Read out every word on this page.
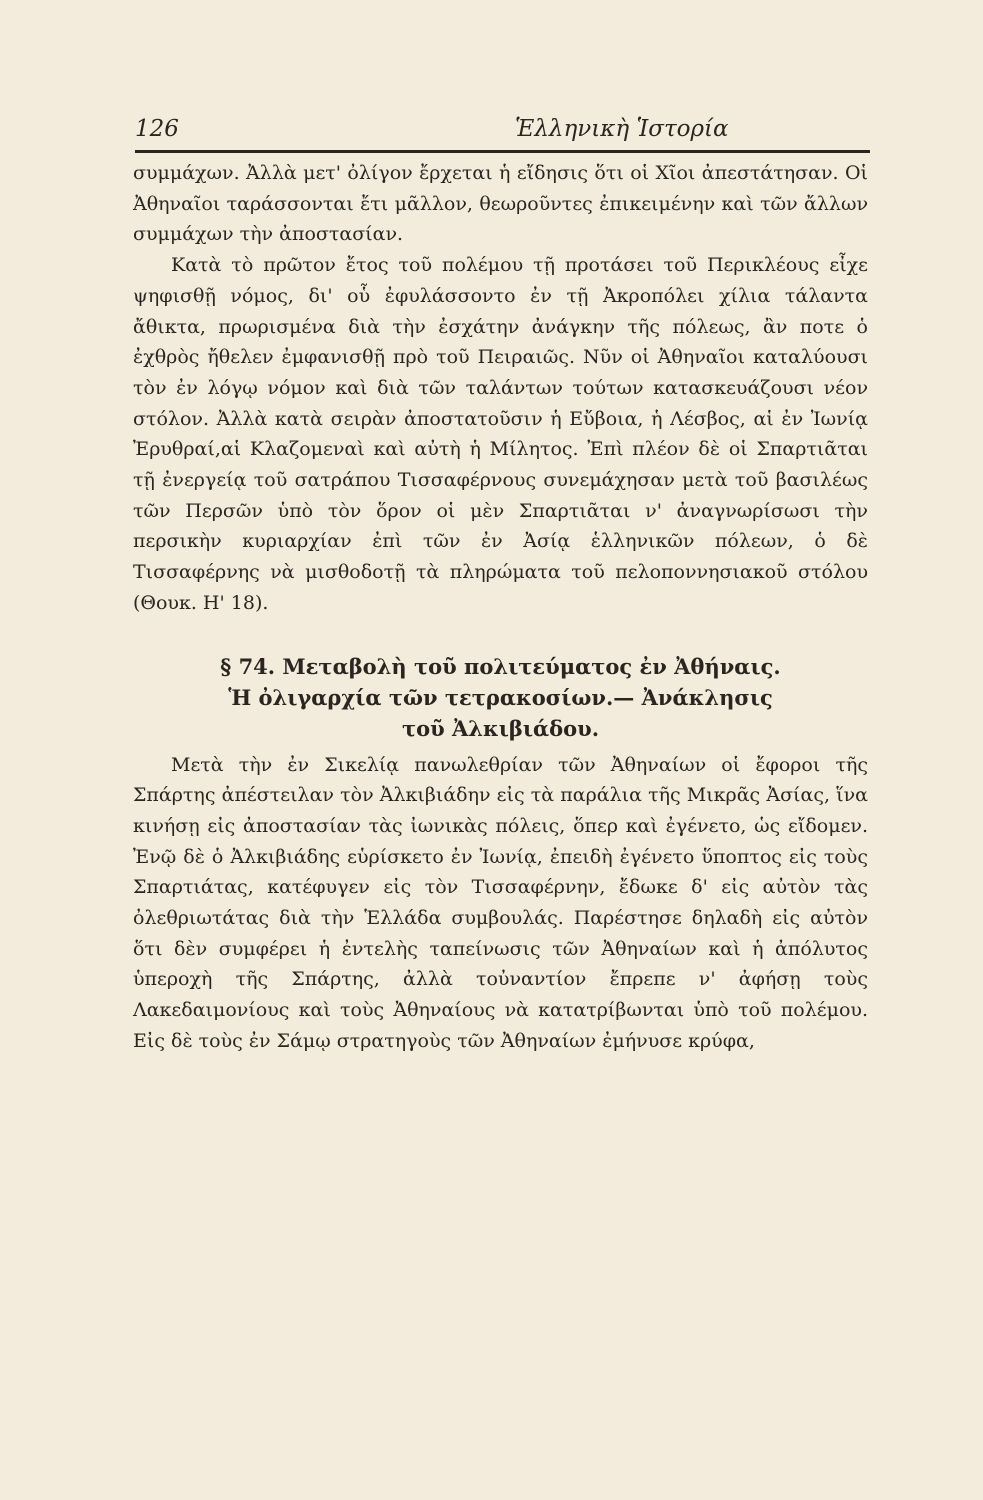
126	Ἑλληνικὴ Ἱστορία

συμμάχων. Ἀλλὰ μετ' ὀλίγον ἔρχεται ἡ εἴδησις ὅτι οἱ Χῖοι ἀπεστάτησαν. Οἱ Ἀθηναῖοι ταράσσονται ἔτι μᾶλλον, θεωροῦντες ἐπικειμένην καὶ τῶν ἄλλων συμμάχων τὴν ἀποστασίαν.

Κατὰ τὸ πρῶτον ἔτος τοῦ πολέμου τῇ προτάσει τοῦ Περικλέους εἶχε ψηφισθῇ νόμος, δι' οὗ ἐφυλάσσοντο ἐν τῇ Ἀκροπόλει χίλια τάλαντα ἄθικτα, πρωρισμένα διὰ τὴν ἐσχάτην ἀνάγκην τῆς πόλεως, ἂν ποτε ὁ ἐχθρὸς ἤθελεν ἐμφανισθῇ πρὸ τοῦ Πειραιῶς. Νῦν οἱ Ἀθηναῖοι καταλύουσι τὸν ἐν λόγῳ νόμον καὶ διὰ τῶν ταλάντων τούτων κατασκευάζουσι νέον στόλον. Ἀλλὰ κατὰ σειρὰν ἀποστατοῦσιν ἡ Εὔβοια, ἡ Λέσβος, αἱ ἐν Ἰωνίᾳ Ἐρυθραί,αἱ Κλαζομεναὶ καὶ αὐτὴ ἡ Μίλητος. Ἐπὶ πλέον δὲ οἱ Σπαρτιᾶται τῇ ἐνεργείᾳ τοῦ σατράπου Τισσαφέρνους συνεμάχησαν μετὰ τοῦ βασιλέως τῶν Περσῶν ὑπὸ τὸν ὅρον οἱ μὲν Σπαρτιᾶται ν' ἀναγνωρίσωσι τὴν περσικὴν κυριαρχίαν ἐπὶ τῶν ἐν Ἀσίᾳ ἑλληνικῶν πόλεων, ὁ δὲ Τισσαφέρνης νὰ μισθοδοτῇ τὰ πληρώματα τοῦ πελοποννησιακοῦ στόλου (Θουκ. Η' 18).

§ 74. Μεταβολὴ τοῦ πολιτεύματος ἐν Ἀθήναις.
Ἡ ὀλιγαρχία τῶν τετρακοσίων.— Ἀνάκλησις
τοῦ Ἀλκιβιάδου.

Μετὰ τὴν ἐν Σικελίᾳ πανωλεθρίαν τῶν Ἀθηναίων οἱ ἔφοροι τῆς Σπάρτης ἀπέστειλαν τὸν Ἀλκιβιάδην εἰς τὰ παράλια τῆς Μικρᾶς Ἀσίας, ἵνα κινήσῃ εἰς ἀποστασίαν τὰς ἰωνικὰς πόλεις, ὅπερ καὶ ἐγένετο, ὡς εἴδομεν. Ἐνῷ δὲ ὁ Ἀλκιβιάδης εὑρίσκετο ἐν Ἰωνίᾳ, ἐπειδὴ ἐγένετο ὕποπτος εἰς τοὺς Σπαρτιάτας, κατέφυγεν εἰς τὸν Τισσαφέρνην, ἔδωκε δ' εἰς αὐτὸν τὰς ὀλεθριωτάτας διὰ τὴν Ἑλλάδα συμβουλάς. Παρέστησε δηλαδὴ εἰς αὐτὸν ὅτι δὲν συμφέρει ἡ ἐντελὴς ταπείνωσις τῶν Ἀθηναίων καὶ ἡ ἀπόλυτος ὑπεροχὴ τῆς Σπάρτης, ἀλλὰ τοὐναντίον ἔπρεπε ν' ἀφήσῃ τοὺς Λακεδαιμονίους καὶ τοὺς Ἀθηναίους νὰ κατατρίβωνται ὑπὸ τοῦ πολέμου. Εἰς δὲ τοὺς ἐν Σάμῳ στρατηγοὺς τῶν Ἀθηναίων ἐμήνυσε κρύφα,
